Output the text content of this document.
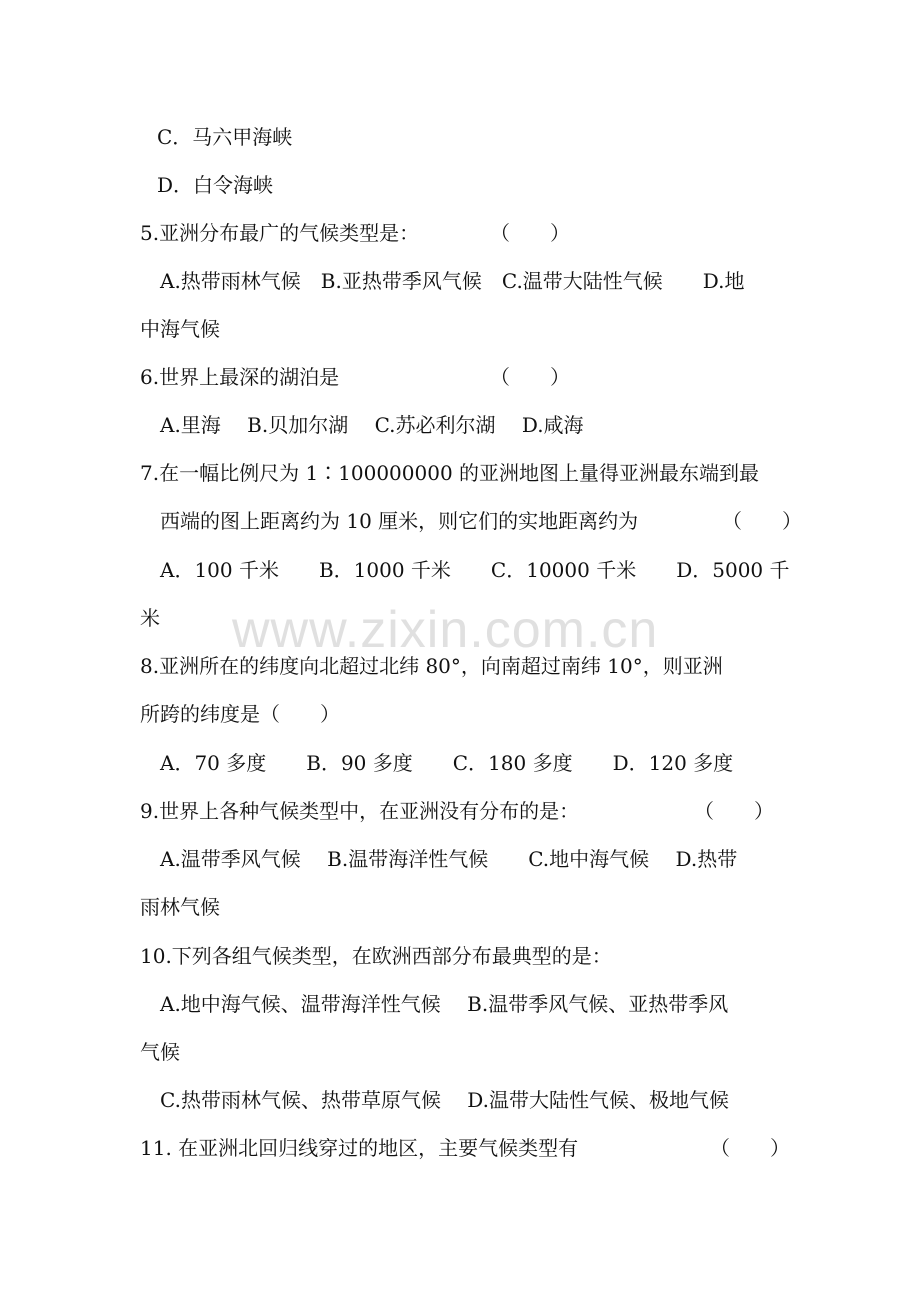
www.zixin.com.cn
C．马六甲海峡
D．白令海峡
5.亚洲分布最广的气候类型是：	（　　）
A.热带雨林气候　B.亚热带季风气候　C.温带大陆性气候　　D.地
中海气候
6.世界上最深的湖泊是	（　　）
A.里海　 B.贝加尔湖　 C.苏必利尔湖　 D.咸海
7.在一幅比例尺为 1∶100000000 的亚洲地图上量得亚洲最东端到最
西端的图上距离约为 10 厘米，则它们的实地距离约为	（　　）
A．100 千米　　B．1000 千米　　C．10000 千米　　D．5000 千
米
8.亚洲所在的纬度向北超过北纬 80°，向南超过南纬 10°，则亚洲
所跨的纬度是（　　）
A．70 多度　　B．90 多度　　C．180 多度　　D．120 多度
9.世界上各种气候类型中，在亚洲没有分布的是：	（　　）
A.温带季风气候　 B.温带海洋性气候　　C.地中海气候　 D.热带
雨林气候
10.下列各组气候类型，在欧洲西部分布最典型的是：
A.地中海气候、温带海洋性气候　 B.温带季风气候、亚热带季风
气候
C.热带雨林气候、热带草原气候　 D.温带大陆性气候、极地气候
11. 在亚洲北回归线穿过的地区，主要气候类型有	（　　）
